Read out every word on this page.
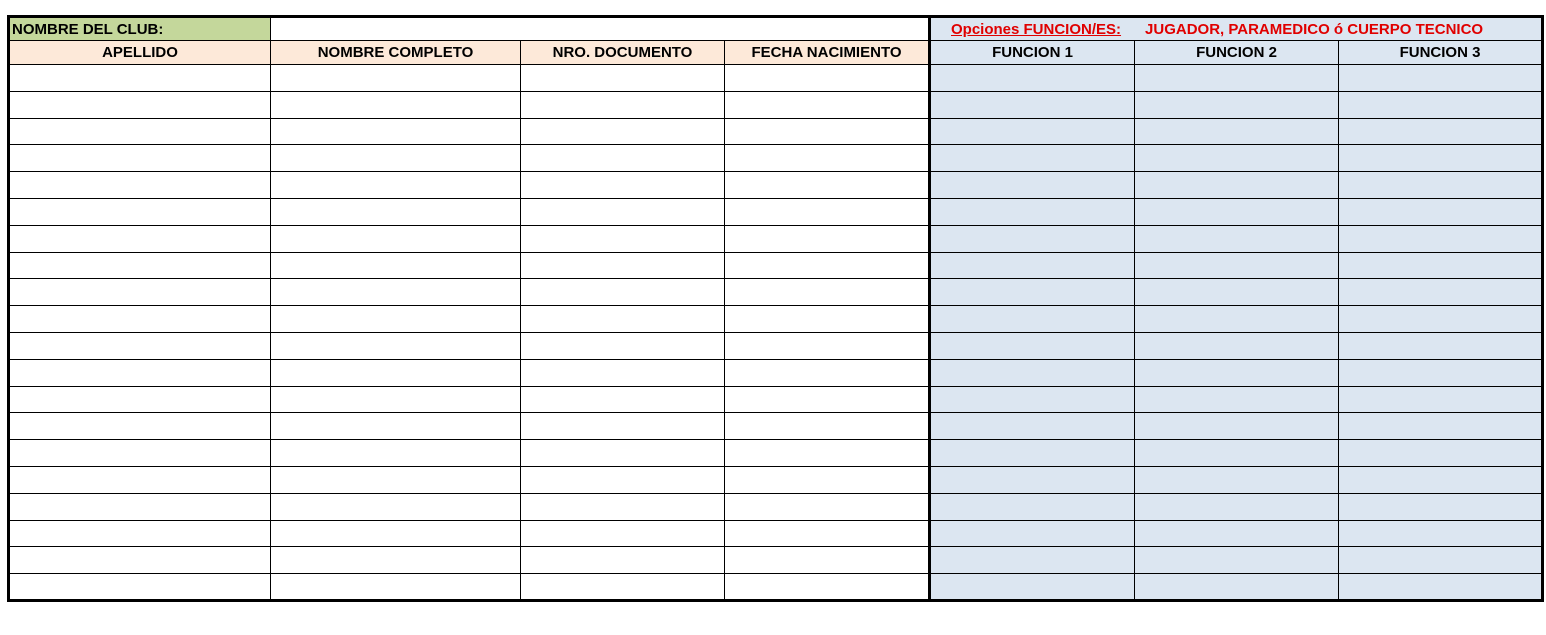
NOMBRE DEL CLUB:				Opciones FUNCION/ES: JUGADOR, PARAMEDICO ó CUERPO TECNICO		
APELLIDO	NOMBRE COMPLETO	NRO. DOCUMENTO	FECHA NACIMIENTO	FUNCION 1	FUNCION 2	FUNCION 3
